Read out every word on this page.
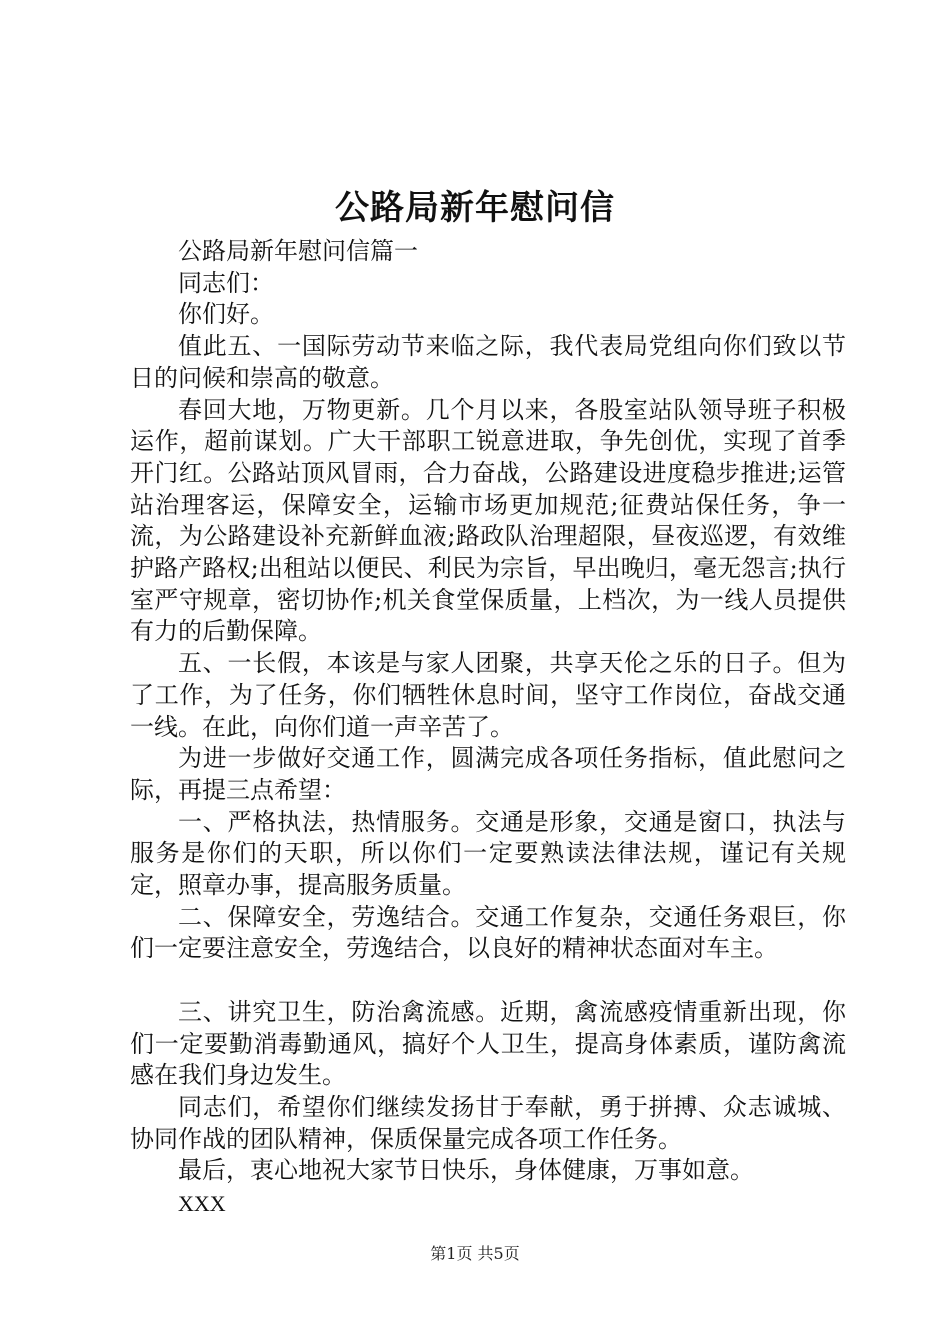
公路局新年慰问信

公路局新年慰问信篇一

同志们：

你们好。

值此五、一国际劳动节来临之际，我代表局党组向你们致以节日的问候和崇高的敬意。

春回大地，万物更新。几个月以来，各股室站队领导班子积极运作，超前谋划。广大干部职工锐意进取，争先创优，实现了首季开门红。公路站顶风冒雨，合力奋战，公路建设进度稳步推进;运管站治理客运，保障安全，运输市场更加规范;征费站保任务，争一流，为公路建设补充新鲜血液;路政队治理超限，昼夜巡逻，有效维护路产路权;出租站以便民、利民为宗旨，早出晚归，毫无怨言;执行室严守规章，密切协作;机关食堂保质量，上档次，为一线人员提供有力的后勤保障。

五、一长假，本该是与家人团聚，共享天伦之乐的日子。但为了工作，为了任务，你们牺牲休息时间，坚守工作岗位，奋战交通一线。在此，向你们道一声辛苦了。

为进一步做好交通工作，圆满完成各项任务指标，值此慰问之际，再提三点希望：

一、严格执法，热情服务。交通是形象，交通是窗口，执法与服务是你们的天职，所以你们一定要熟读法律法规，谨记有关规定，照章办事，提高服务质量。

二、保障安全，劳逸结合。交通工作复杂，交通任务艰巨，你们一定要注意安全，劳逸结合，以良好的精神状态面对车主。

三、讲究卫生，防治禽流感。近期，禽流感疫情重新出现，你们一定要勤消毒勤通风，搞好个人卫生，提高身体素质，谨防禽流感在我们身边发生。

同志们，希望你们继续发扬甘于奉献，勇于拼搏、众志诚城、协同作战的团队精神，保质保量完成各项工作任务。

最后，衷心地祝大家节日快乐，身体健康，万事如意。

XXX

第1页 共5页
